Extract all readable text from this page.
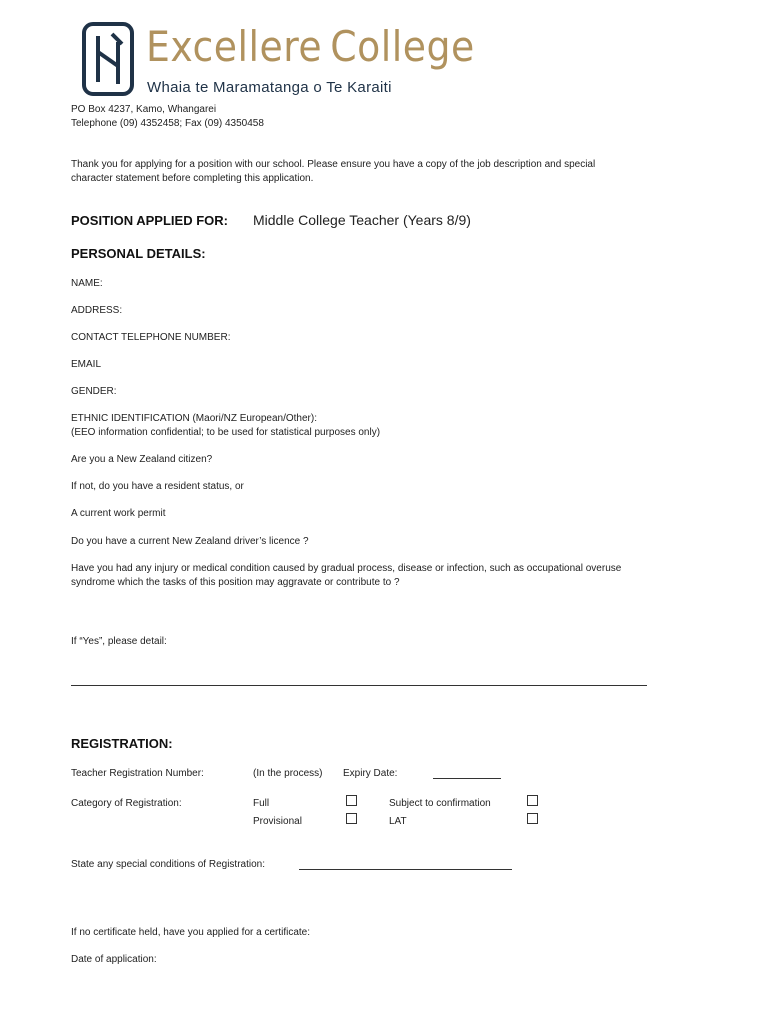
Excellere  College
Whaia te Maramatanga o Te Karaiti
PO Box 4237, Kamo, Whangarei
Telephone (09) 4352458; Fax (09) 4350458
Thank you for applying for a position with our school. Please ensure you have a copy of the job description and special
character statement before completing this application.
POSITION APPLIED FOR: Middle College Teacher (Years 8/9)
PERSONAL DETAILS:
NAME:
ADDRESS:
CONTACT TELEPHONE NUMBER:
EMAIL
GENDER:
ETHNIC IDENTIFICATION (Maori/NZ European/Other):
(EEO information confidential; to be used for statistical purposes only)
Are you a New Zealand citizen?
If not, do you have a resident status, or
A current work permit
Do you have a current New Zealand driver’s licence ?
Have you had any injury or medical condition caused by gradual process, disease or infection, such as occupational overuse
syndrome which the tasks of this position may aggravate or contribute to ?
If “Yes”, please detail:
REGISTRATION:
Teacher Registration Number:	(In the process) Expiry Date:
Category of Registration:	Full	Subject to confirmation
Provisional	LAT
State any special conditions of Registration:
If no certificate held, have you applied for a certificate:
Date of application:
